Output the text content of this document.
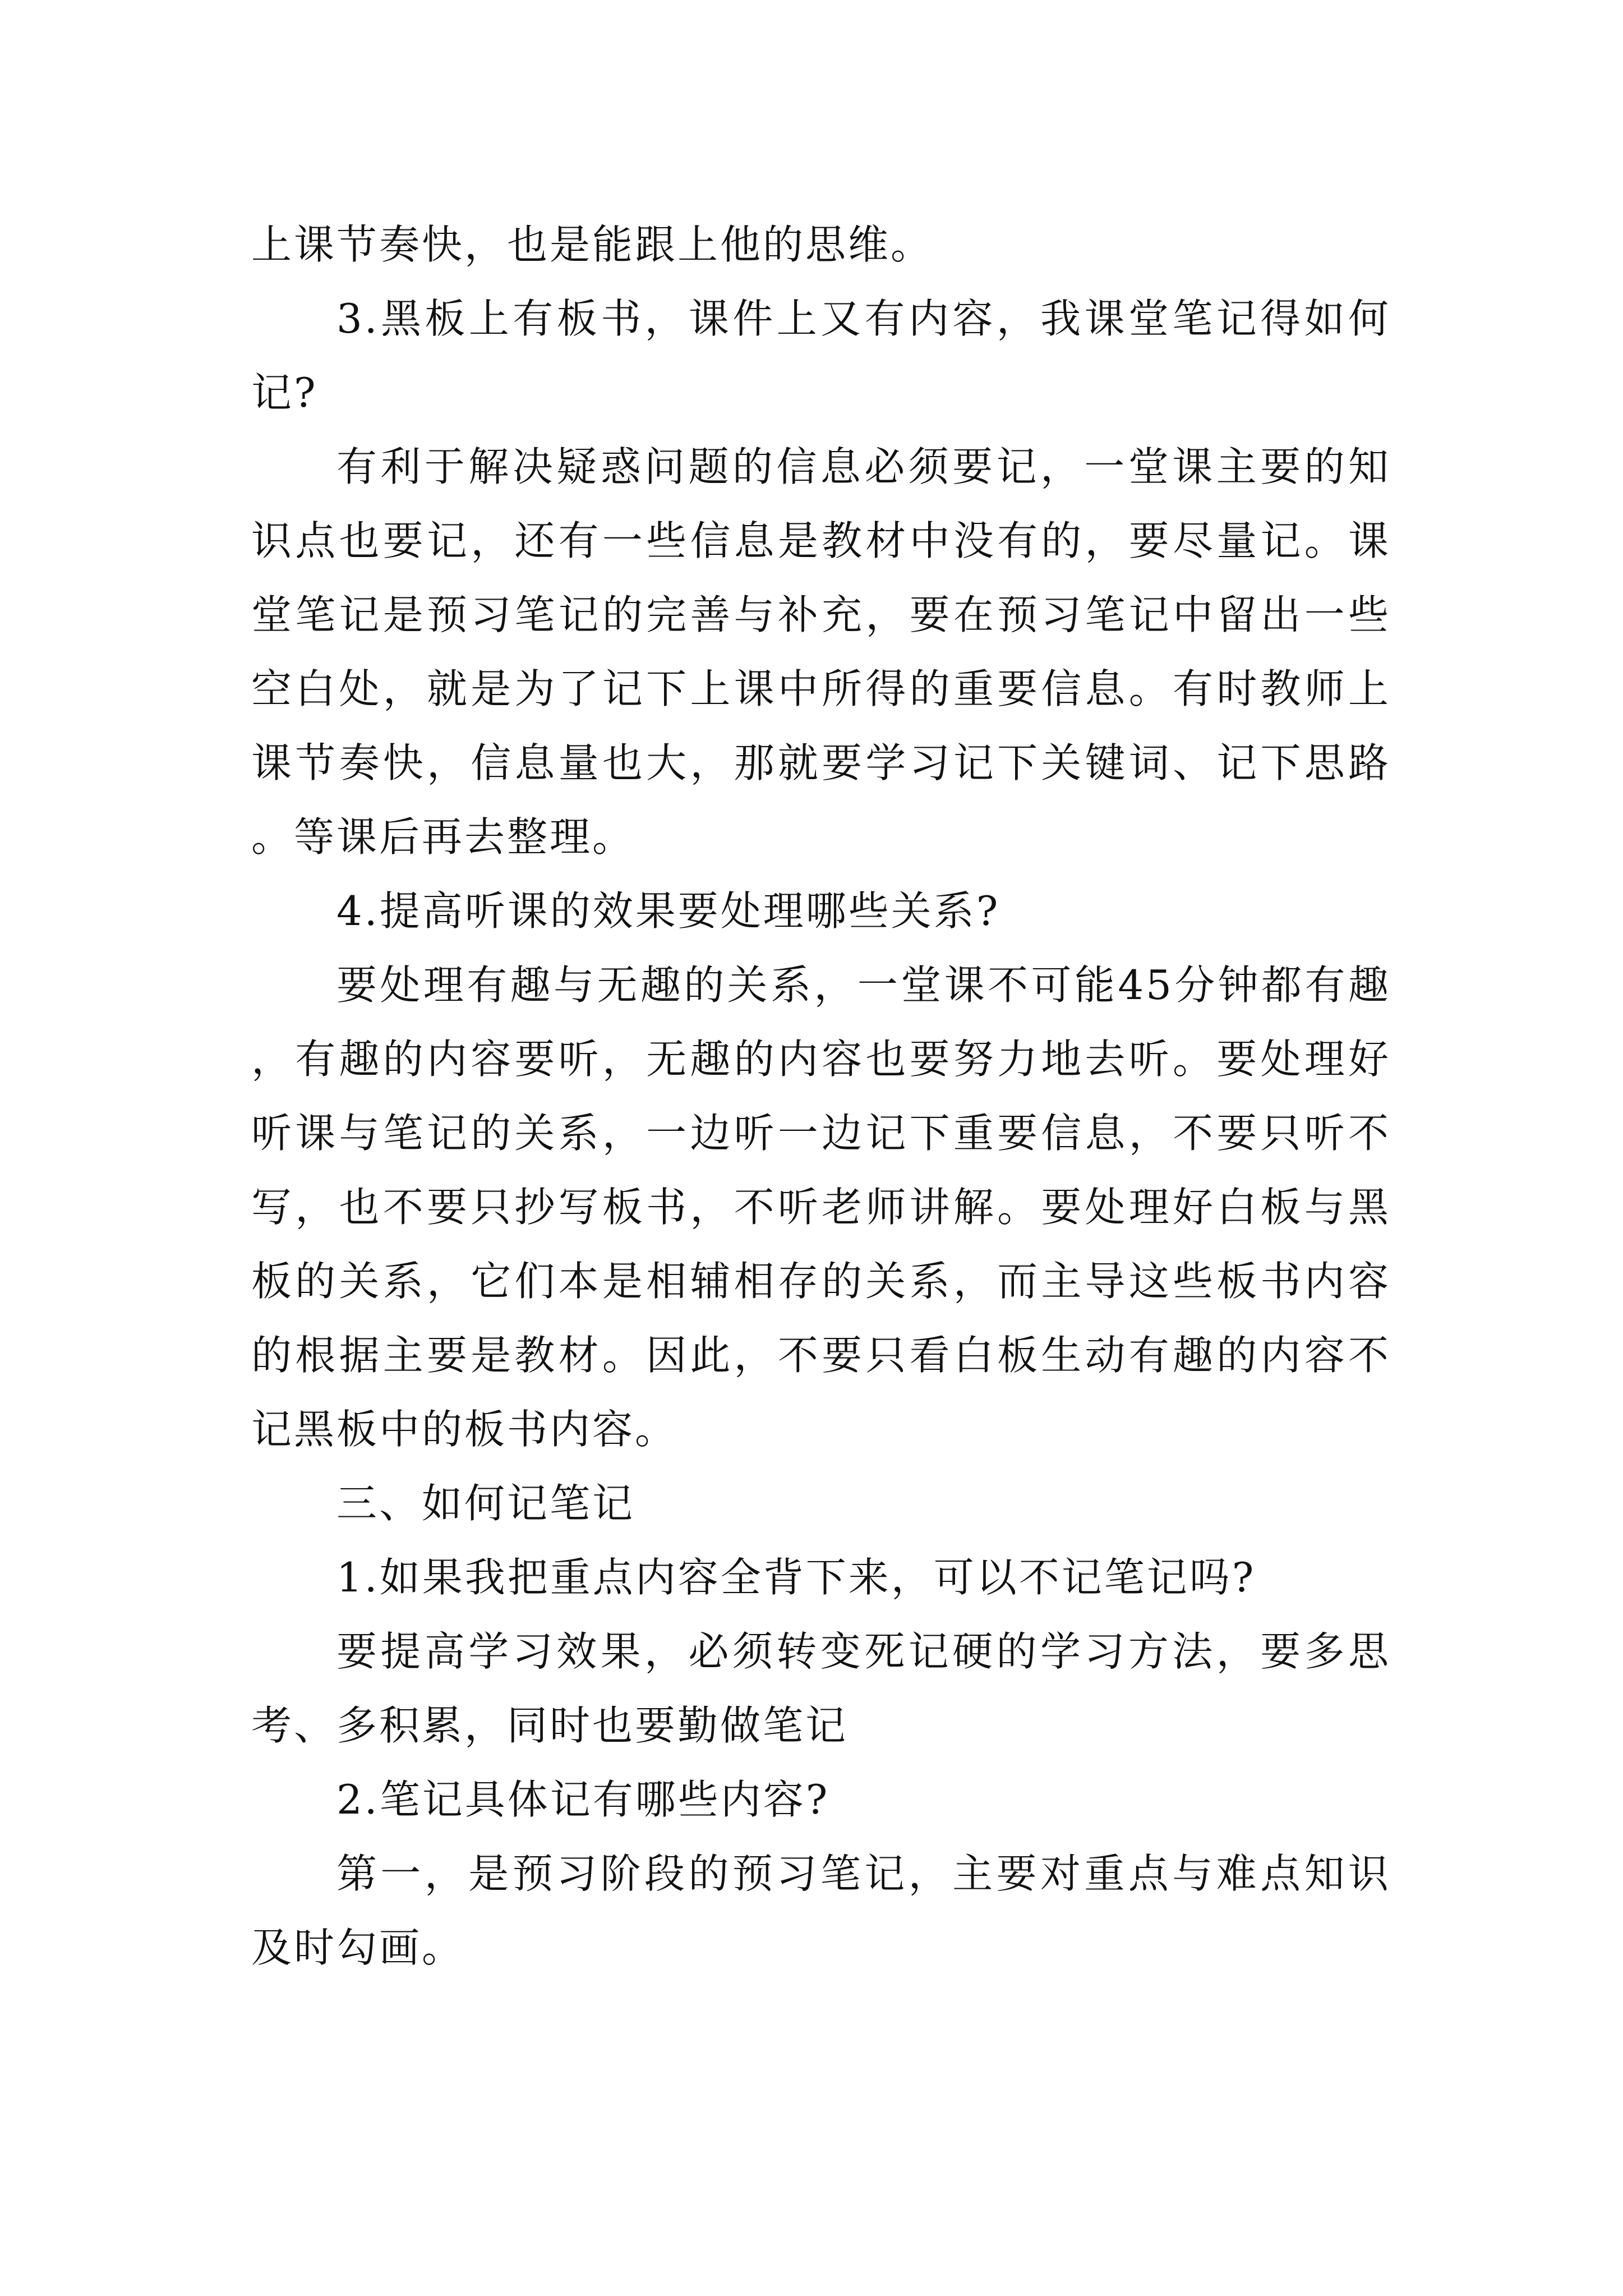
上课节奏快，也是能跟上他的思维。

3.黑板上有板书，课件上又有内容，我课堂笔记得如何记?

有利于解决疑惑问题的信息必须要记，一堂课主要的知识点也要记，还有一些信息是教材中没有的，要尽量记。课堂笔记是预习笔记的完善与补充，要在预习笔记中留出一些空白处，就是为了记下上课中所得的重要信息。有时教师上课节奏快，信息量也大，那就要学习记下关键词、记下思路。等课后再去整理。

4.提高听课的效果要处理哪些关系?

要处理有趣与无趣的关系，一堂课不可能45分钟都有趣，有趣的内容要听，无趣的内容也要努力地去听。要处理好听课与笔记的关系，一边听一边记下重要信息，不要只听不写，也不要只抄写板书，不听老师讲解。要处理好白板与黑板的关系，它们本是相辅相存的关系，而主导这些板书内容的根据主要是教材。因此，不要只看白板生动有趣的内容不记黑板中的板书内容。

三、如何记笔记

1.如果我把重点内容全背下来，可以不记笔记吗?

要提高学习效果，必须转变死记硬的学习方法，要多思考、多积累，同时也要勤做笔记

2.笔记具体记有哪些内容?

第一，是预习阶段的预习笔记，主要对重点与难点知识及时勾画。
